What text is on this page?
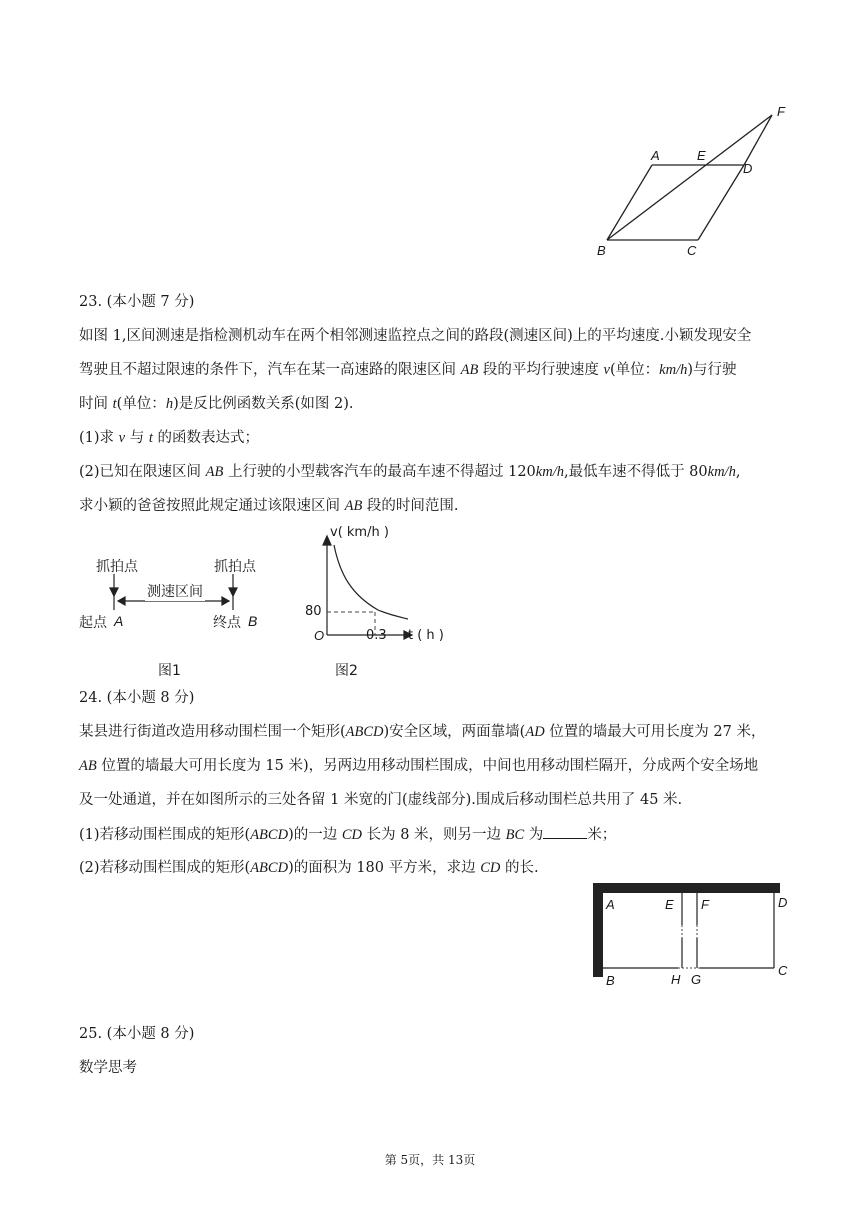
A	E
F
D
B	C
23. (本小题 7 分)
如图 1,区间测速是指检测机动车在两个相邻测速监控点之间的路段(测速区间)上的平均速度.小颖发现安全
驾驶且不超过限速的条件下，汽车在某一高速路的限速区间 AB 段的平均行驶速度 v(单位：km/h)与行驶
时间 t(单位：h)是反比例函数关系(如图 2).
(1)求 v 与 t 的函数表达式；
(2)已知在限速区间 AB 上行驶的小型载客汽车的最高车速不得超过 120km/h,最低车速不得低于 80km/h,
求小颖的爸爸按照此规定通过该限速区间 AB 段的时间范围.
抓拍点	抓拍点
测速区间
起点 A	终点 B
图1
v( km/h )
80
O	0.3 t ( h )
图2
24. (本小题 8 分)
某县进行街道改造用移动围栏围一个矩形(ABCD)安全区域，两面靠墙(AD 位置的墙最大可用长度为 27 米，
AB 位置的墙最大可用长度为 15 米)，另两边用移动围栏围成，中间也用移动围栏隔开，分成两个安全场地
及一处通道，并在如图所示的三处各留 1 米宽的门(虚线部分).围成后移动围栏总共用了 45 米.
(1)若移动围栏围成的矩形(ABCD)的一边 CD 长为 8 米，则另一边 BC 为	米；
(2)若移动围栏围成的矩形(ABCD)的面积为 180 平方米，求边 CD 的长.
A	E F	D
B	H G
C
25. (本小题 8 分)
数学思考
第 5页，共 13页
